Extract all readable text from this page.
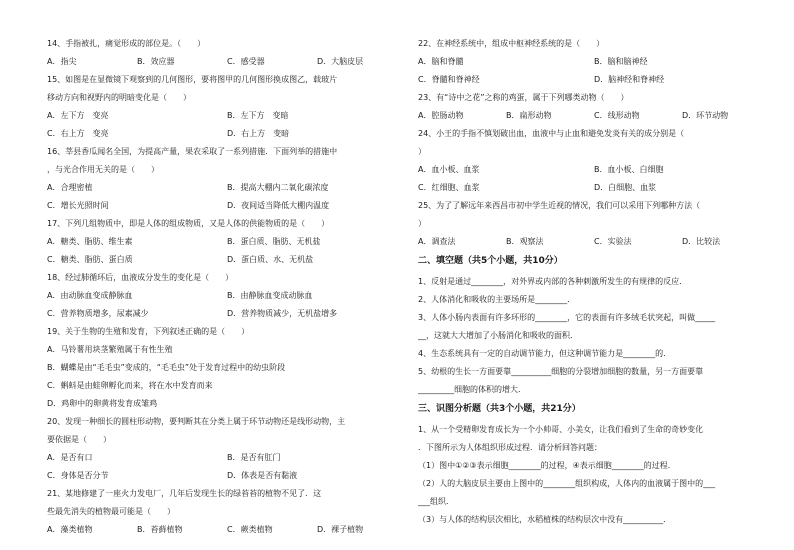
14、手指被扎，痛觉形成的部位是。（　　）
A．指尖	B．效应器	C．感受器	D．大脑皮层
15、如图是在显微镜下观察到的几何图形，要将图甲的几何图形换成图乙，载玻片
移动方向和视野内的明暗变化是（　　）
A．左下方　变亮	B．左下方　变暗
C．右上方　变亮	D．右上方　变暗
16、莘县香瓜闻名全国，为提高产量，果农采取了一系列措施．下面列举的措施中
，与光合作用无关的是（　　）
A．合理密植	B．提高大棚内二氧化碳浓度
C．增长光照时间	D．夜间适当降低大棚内温度
17、下列几组物质中，即是人体的组成物质，又是人体的供能物质的是（　　）
A．糖类、脂肪、维生素	B．蛋白质、脂肪、无机盐
C．糖类、脂肪、蛋白质	D．蛋白质、水、无机盐
18、经过肺循环后，血液成分发生的变化是（　　）
A．由动脉血变成静脉血	B．由静脉血变成动脉血
C．营养物质增多，尿素减少	D．营养物质减少，无机盐增多
19、关于生物的生殖和发育，下列叙述正确的是（　　）
A．马铃薯用块茎繁殖属于有性生殖
B．蝴蝶是由“毛毛虫”变成的，“毛毛虫”处于发育过程中的幼虫阶段
C．蝌蚪是由蛙卵孵化而来，将在水中发育而来
D．鸡卵中的卵黄将发育成雏鸡
20、发现一种细长的圆柱形动物，要判断其在分类上属于环节动物还是线形动物，主
要依据是（　　）
A．是否有口	B．是否有肛门
C．身体是否分节	D．体表是否有黏液
21、某地修建了一座火力发电厂，几年后发现生长的绿苔苔的植物不见了．这
些最先消失的植物最可能是（　　）
A．藻类植物	B．苔藓植物	C．蕨类植物	D．裸子植物
22、在神经系统中，组成中枢神经系统的是（　　）
A．脑和脊髓	B．脑和脑神经
C．脊髓和脊神经	D．脑神经和脊神经
23、有“诗中之花”之称的鸡蛋，属于下列哪类动物（　　）
A．腔肠动物	B．扁形动物	C．线形动物	D．环节动物
24、小王的手指不慎划破出血，血液中与止血和避免发炎有关的成分别是（
）
A．血小板、血浆	B．血小板、白细胞
C．红细胞、血浆	D．白细胞、血浆
25、为了了解远年来西昌市初中学生近视的情况，我们可以采用下列哪种方法（
）
A．调查法	B．观察法	C．实验法	D．比较法
二、填空题（共5个小题，共10分）
1、反射是通过________，对外界或内部的各种刺激所发生的有规律的反应．
2、人体消化和吸收的主要场所是________．
3、人体小肠内表面有许多环形的________，它的表面有许多绒毛状突起，叫做_____
__，这就大大增加了小肠消化和吸收的面积．
4、生态系统具有一定的自动调节能力，但这种调节能力是________的．
5、幼根的生长一方面要靠__________细胞的分裂增加细胞的数量，另一方面要靠
_________细胞的体积的增大．
三、识图分析题（共3个小题，共21分）
1、从一个受精卵发育成长为一个小帅哥、小美女，让我们看到了生命的奇妙变化
．下图所示为人体组织形成过程．请分析回答问题：
（1）图中①②③表示细胞________的过程，④表示细胞________的过程．
（2）人的大脑皮层主要由上图中的________组织构成，人体内的血液属于图中的___
___组织．
（3）与人体的结构层次相比，水稻植株的结构层次中没有__________．
